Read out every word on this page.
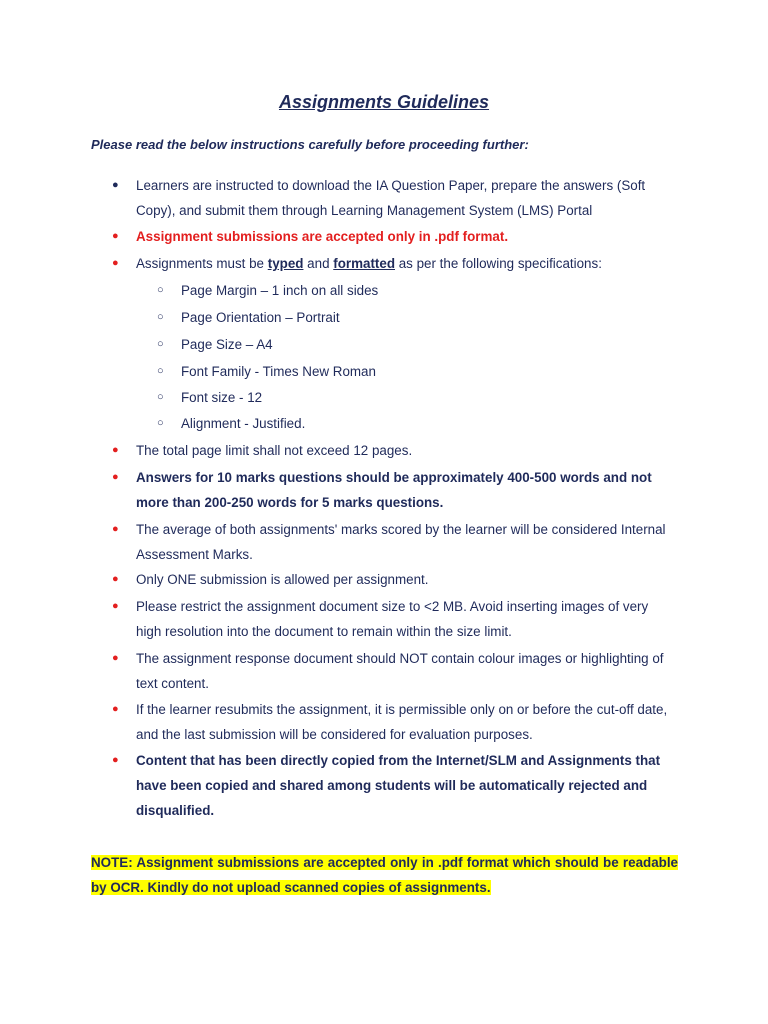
Assignments Guidelines
Please read the below instructions carefully before proceeding further:
● Learners are instructed to download the IA Question Paper, prepare the answers (Soft Copy), and submit them through Learning Management System (LMS) Portal
● Assignment submissions are accepted only in .pdf format.
● Assignments must be typed and formatted as per the following specifications:
○ Page Margin – 1 inch on all sides
○ Page Orientation – Portrait
○ Page Size – A4
○ Font Family - Times New Roman
○ Font size - 12
○ Alignment - Justified.
● The total page limit shall not exceed 12 pages.
● Answers for 10 marks questions should be approximately 400-500 words and not more than 200-250 words for 5 marks questions.
● The average of both assignments' marks scored by the learner will be considered Internal Assessment Marks.
● Only ONE submission is allowed per assignment.
● Please restrict the assignment document size to <2 MB. Avoid inserting images of very high resolution into the document to remain within the size limit.
● The assignment response document should NOT contain colour images or highlighting of text content.
● If the learner resubmits the assignment, it is permissible only on or before the cut-off date, and the last submission will be considered for evaluation purposes.
● Content that has been directly copied from the Internet/SLM and Assignments that have been copied and shared among students will be automatically rejected and disqualified.
NOTE: Assignment submissions are accepted only in .pdf format which should be readable by OCR. Kindly do not upload scanned copies of assignments.
